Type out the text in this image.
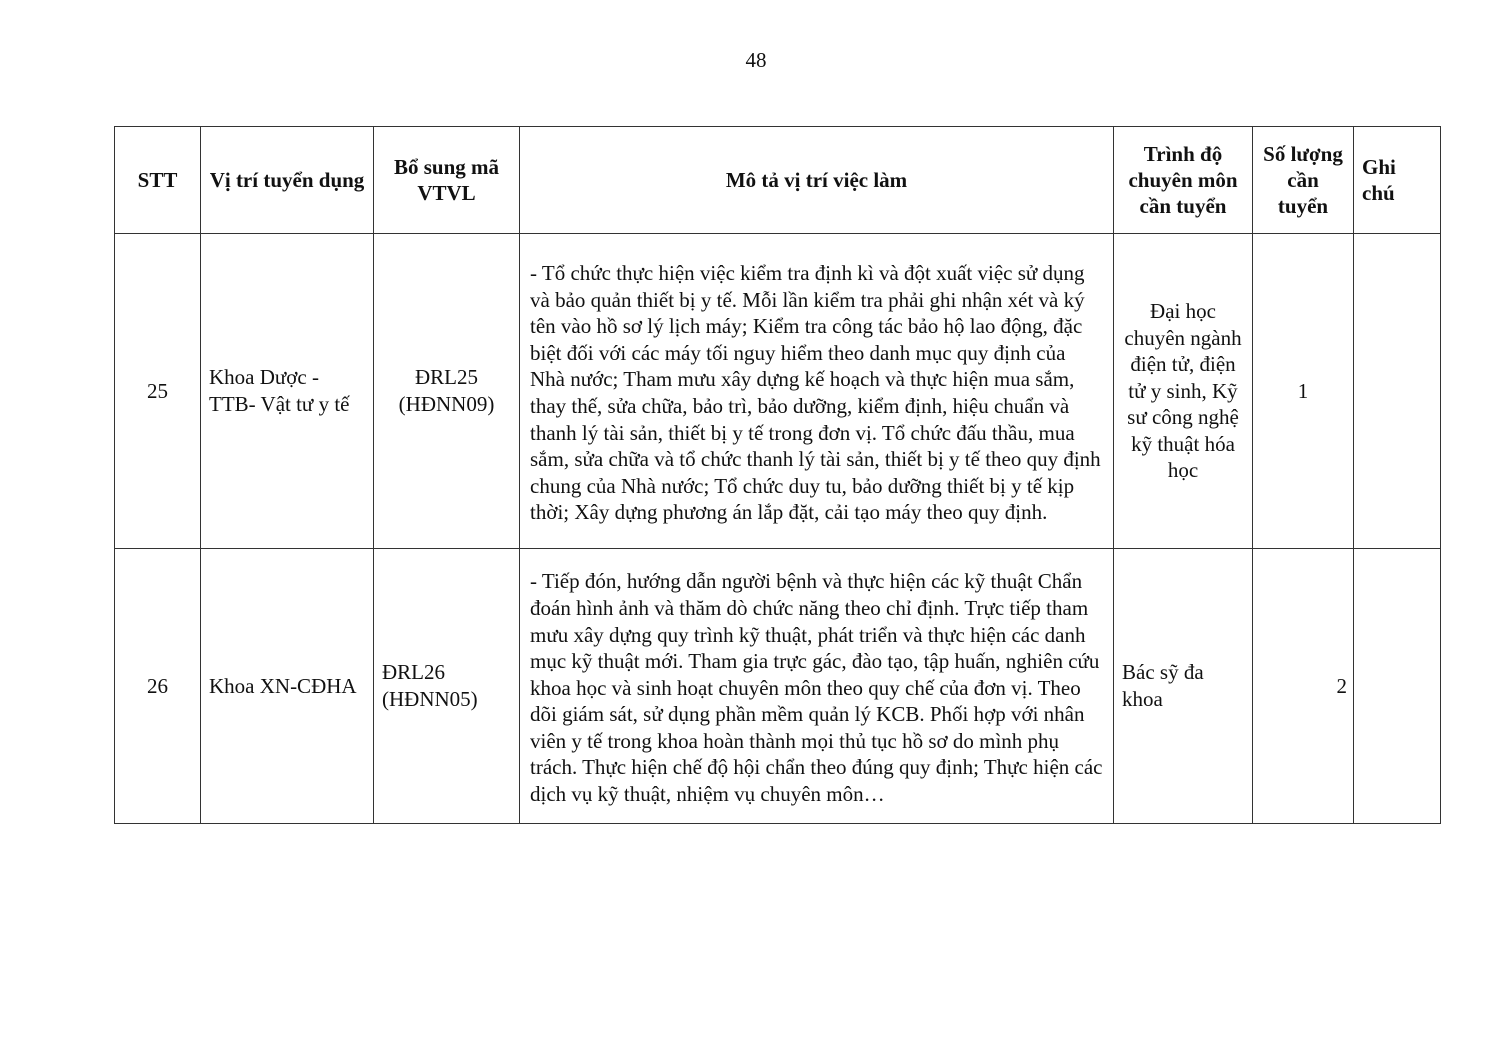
48
STT	Vị trí tuyển dụng	Bổ sung mã VTVL	Mô tả vị trí việc làm	Trình độ chuyên môn cần tuyển	Số lượng cần tuyển	Ghi chú
25	Khoa Dược - TTB- Vật tư y tế	ĐRL25 (HĐNN09)	- Tổ chức thực hiện việc kiểm tra định kì và đột xuất việc sử dụng và bảo quản thiết bị y tế. Mỗi lần kiểm tra phải ghi nhận xét và ký tên vào hồ sơ lý lịch máy; Kiểm tra công tác bảo hộ lao động, đặc biệt đối với các máy tối nguy hiểm theo danh mục quy định của Nhà nước; Tham mưu xây dựng kế hoạch và thực hiện mua sắm, thay thế, sửa chữa, bảo trì, bảo dưỡng, kiểm định, hiệu chuẩn và thanh lý tài sản, thiết bị y tế trong đơn vị. Tổ chức đấu thầu, mua sắm, sửa chữa và tổ chức thanh lý tài sản, thiết bị y tế theo quy định chung của Nhà nước; Tổ chức duy tu, bảo dưỡng thiết bị y tế kịp thời; Xây dựng phương án lắp đặt, cải tạo máy theo quy định.	Đại học chuyên ngành điện tử, điện tử y sinh, Kỹ sư công nghệ kỹ thuật hóa học	1	
26	Khoa XN-CĐHA	ĐRL26 (HĐNN05)	- Tiếp đón, hướng dẫn người bệnh và thực hiện các kỹ thuật Chẩn đoán hình ảnh và thăm dò chức năng theo chỉ định. Trực tiếp tham mưu xây dựng quy trình kỹ thuật, phát triển và thực hiện các danh mục kỹ thuật mới. Tham gia trực gác, đào tạo, tập huấn, nghiên cứu khoa học và sinh hoạt chuyên môn theo quy chế của đơn vị. Theo dõi giám sát, sử dụng phần mềm quản lý KCB. Phối hợp với nhân viên y tế trong khoa hoàn thành mọi thủ tục hồ sơ do mình phụ trách. Thực hiện chế độ hội chẩn theo đúng quy định; Thực hiện các dịch vụ kỹ thuật, nhiệm vụ chuyên môn…	Bác sỹ đa khoa	2	
